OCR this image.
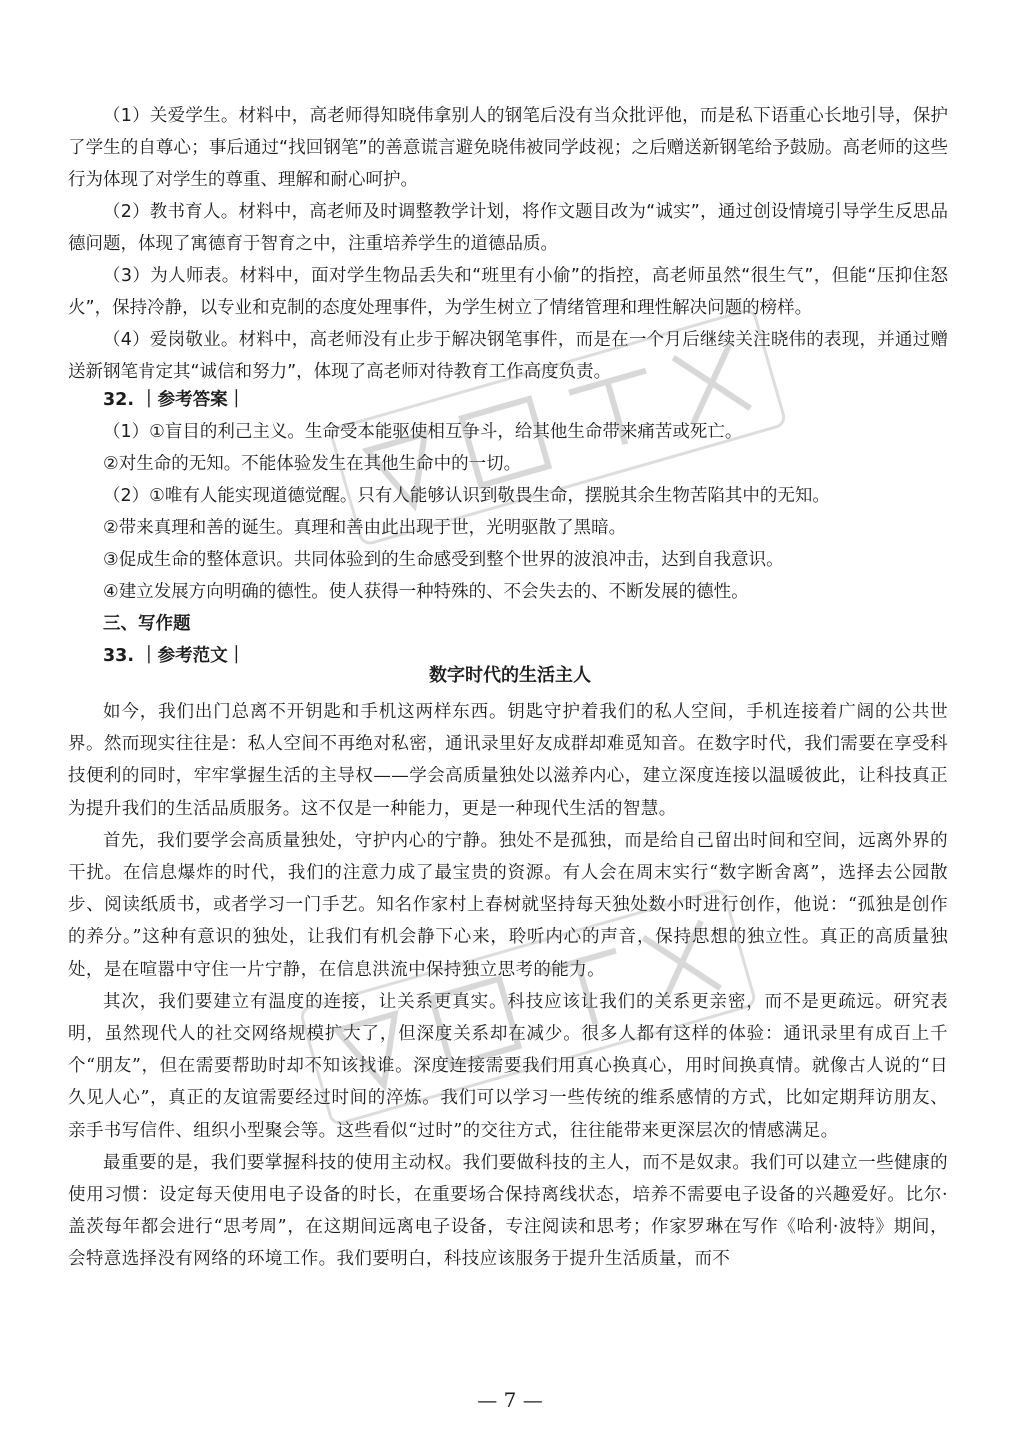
（1）关爱学生。材料中，高老师得知晓伟拿别人的钢笔后没有当众批评他，而是私下语重心长地引导，保护了学生的自尊心；事后通过“找回钢笔”的善意谎言避免晓伟被同学歧视；之后赠送新钢笔给予鼓励。高老师的这些行为体现了对学生的尊重、理解和耐心呵护。

（2）教书育人。材料中，高老师及时调整教学计划，将作文题目改为“诚实”，通过创设情境引导学生反思品德问题，体现了寓德育于智育之中，注重培养学生的道德品质。

（3）为人师表。材料中，面对学生物品丢失和“班里有小偷”的指控，高老师虽然“很生气”，但能“压抑住怒火”，保持冷静，以专业和克制的态度处理事件，为学生树立了情绪管理和理性解决问题的榜样。

（4）爱岗敬业。材料中，高老师没有止步于解决钢笔事件，而是在一个月后继续关注晓伟的表现，并通过赠送新钢笔肯定其“诚信和努力”，体现了高老师对待教育工作高度负责。

32. ｜参考答案｜

（1）①盲目的利己主义。生命受本能驱使相互争斗，给其他生命带来痛苦或死亡。

②对生命的无知。不能体验发生在其他生命中的一切。

（2）①唯有人能实现道德觉醒。只有人能够认识到敬畏生命，摆脱其余生物苦陷其中的无知。

②带来真理和善的诞生。真理和善由此出现于世，光明驱散了黑暗。

③促成生命的整体意识。共同体验到的生命感受到整个世界的波浪冲击，达到自我意识。

④建立发展方向明确的德性。使人获得一种特殊的、不会失去的、不断发展的德性。

三、写作题

33. ｜参考范文｜

数字时代的生活主人

如今，我们出门总离不开钥匙和手机这两样东西。钥匙守护着我们的私人空间，手机连接着广阔的公共世界。然而现实往往是：私人空间不再绝对私密，通讯录里好友成群却难觅知音。在数字时代，我们需要在享受科技便利的同时，牢牢掌握生活的主导权——学会高质量独处以滋养内心，建立深度连接以温暖彼此，让科技真正为提升我们的生活品质服务。这不仅是一种能力，更是一种现代生活的智慧。

首先，我们要学会高质量独处，守护内心的宁静。独处不是孤独，而是给自己留出时间和空间，远离外界的干扰。在信息爆炸的时代，我们的注意力成了最宝贵的资源。有人会在周末实行“数字断舍离”，选择去公园散步、阅读纸质书，或者学习一门手艺。知名作家村上春树就坚持每天独处数小时进行创作，他说：“孤独是创作的养分。”这种有意识的独处，让我们有机会静下心来，聆听内心的声音，保持思想的独立性。真正的高质量独处，是在喧嚣中守住一片宁静，在信息洪流中保持独立思考的能力。

其次，我们要建立有温度的连接，让关系更真实。科技应该让我们的关系更亲密，而不是更疏远。研究表明，虽然现代人的社交网络规模扩大了，但深度关系却在减少。很多人都有这样的体验：通讯录里有成百上千个“朋友”，但在需要帮助时却不知该找谁。深度连接需要我们用真心换真心，用时间换真情。就像古人说的“日久见人心”，真正的友谊需要经过时间的淬炼。我们可以学习一些传统的维系感情的方式，比如定期拜访朋友、亲手书写信件、组织小型聚会等。这些看似“过时”的交往方式，往往能带来更深层次的情感满足。

最重要的是，我们要掌握科技的使用主动权。我们要做科技的主人，而不是奴隶。我们可以建立一些健康的使用习惯：设定每天使用电子设备的时长，在重要场合保持离线状态，培养不需要电子设备的兴趣爱好。比尔·盖茨每年都会进行“思考周”，在这期间远离电子设备，专注阅读和思考；作家罗琳在写作《哈利·波特》期间，会特意选择没有网络的环境工作。我们要明白，科技应该服务于提升生活质量，而不

— 7 —
